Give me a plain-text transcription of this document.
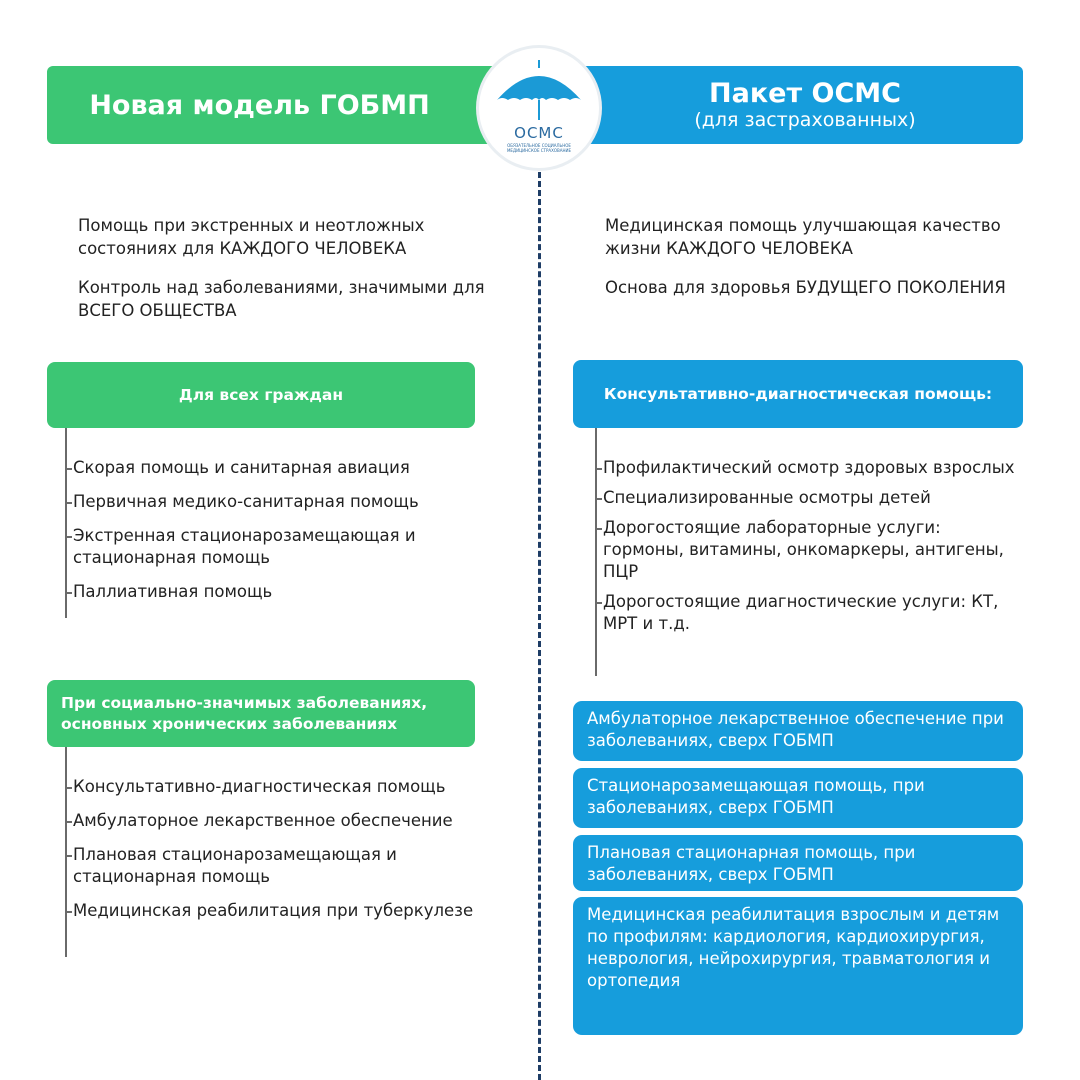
Новая модель ГОБМП	Пакет ОСМС
(для застрахованных)
ОСМС
ОБЯЗАТЕЛЬНОЕ СОЦИАЛЬНОЕ МЕДИЦИНСКОЕ СТРАХОВАНИЕ
Помощь при экстренных и неотложных состояниях для КАЖДОГО ЧЕЛОВЕКА
Контроль над заболеваниями, значимыми для ВСЕГО ОБЩЕСТВА
Медицинская помощь улучшающая качество жизни КАЖДОГО ЧЕЛОВЕКА
Основа для здоровья БУДУЩЕГО ПОКОЛЕНИЯ
Для всех граждан
Скорая помощь и санитарная авиация
Первичная медико-санитарная помощь
Экстренная стационарозамещающая и стационарная помощь
Паллиативная помощь
При социально-значимых заболеваниях, основных хронических заболеваниях
Консультативно-диагностическая помощь
Амбулаторное лекарственное обеспечение
Плановая стационарозамещающая и стационарная помощь
Медицинская реабилитация при туберкулезе
Консультативно-диагностическая помощь:
Профилактический осмотр здоровых взрослых
Специализированные осмотры детей
Дорогостоящие лабораторные услуги: гормоны, витамины, онкомаркеры, антигены, ПЦР
Дорогостоящие диагностические услуги: КТ, МРТ и т.д.
Амбулаторное лекарственное обеспечение при заболеваниях, сверх ГОБМП
Стационарозамещающая помощь, при заболеваниях, сверх ГОБМП
Плановая стационарная помощь, при заболеваниях, сверх ГОБМП
Медицинская реабилитация взрослым и детям по профилям: кардиология, кардиохирургия, неврология, нейрохирургия, травматология и ортопедия
